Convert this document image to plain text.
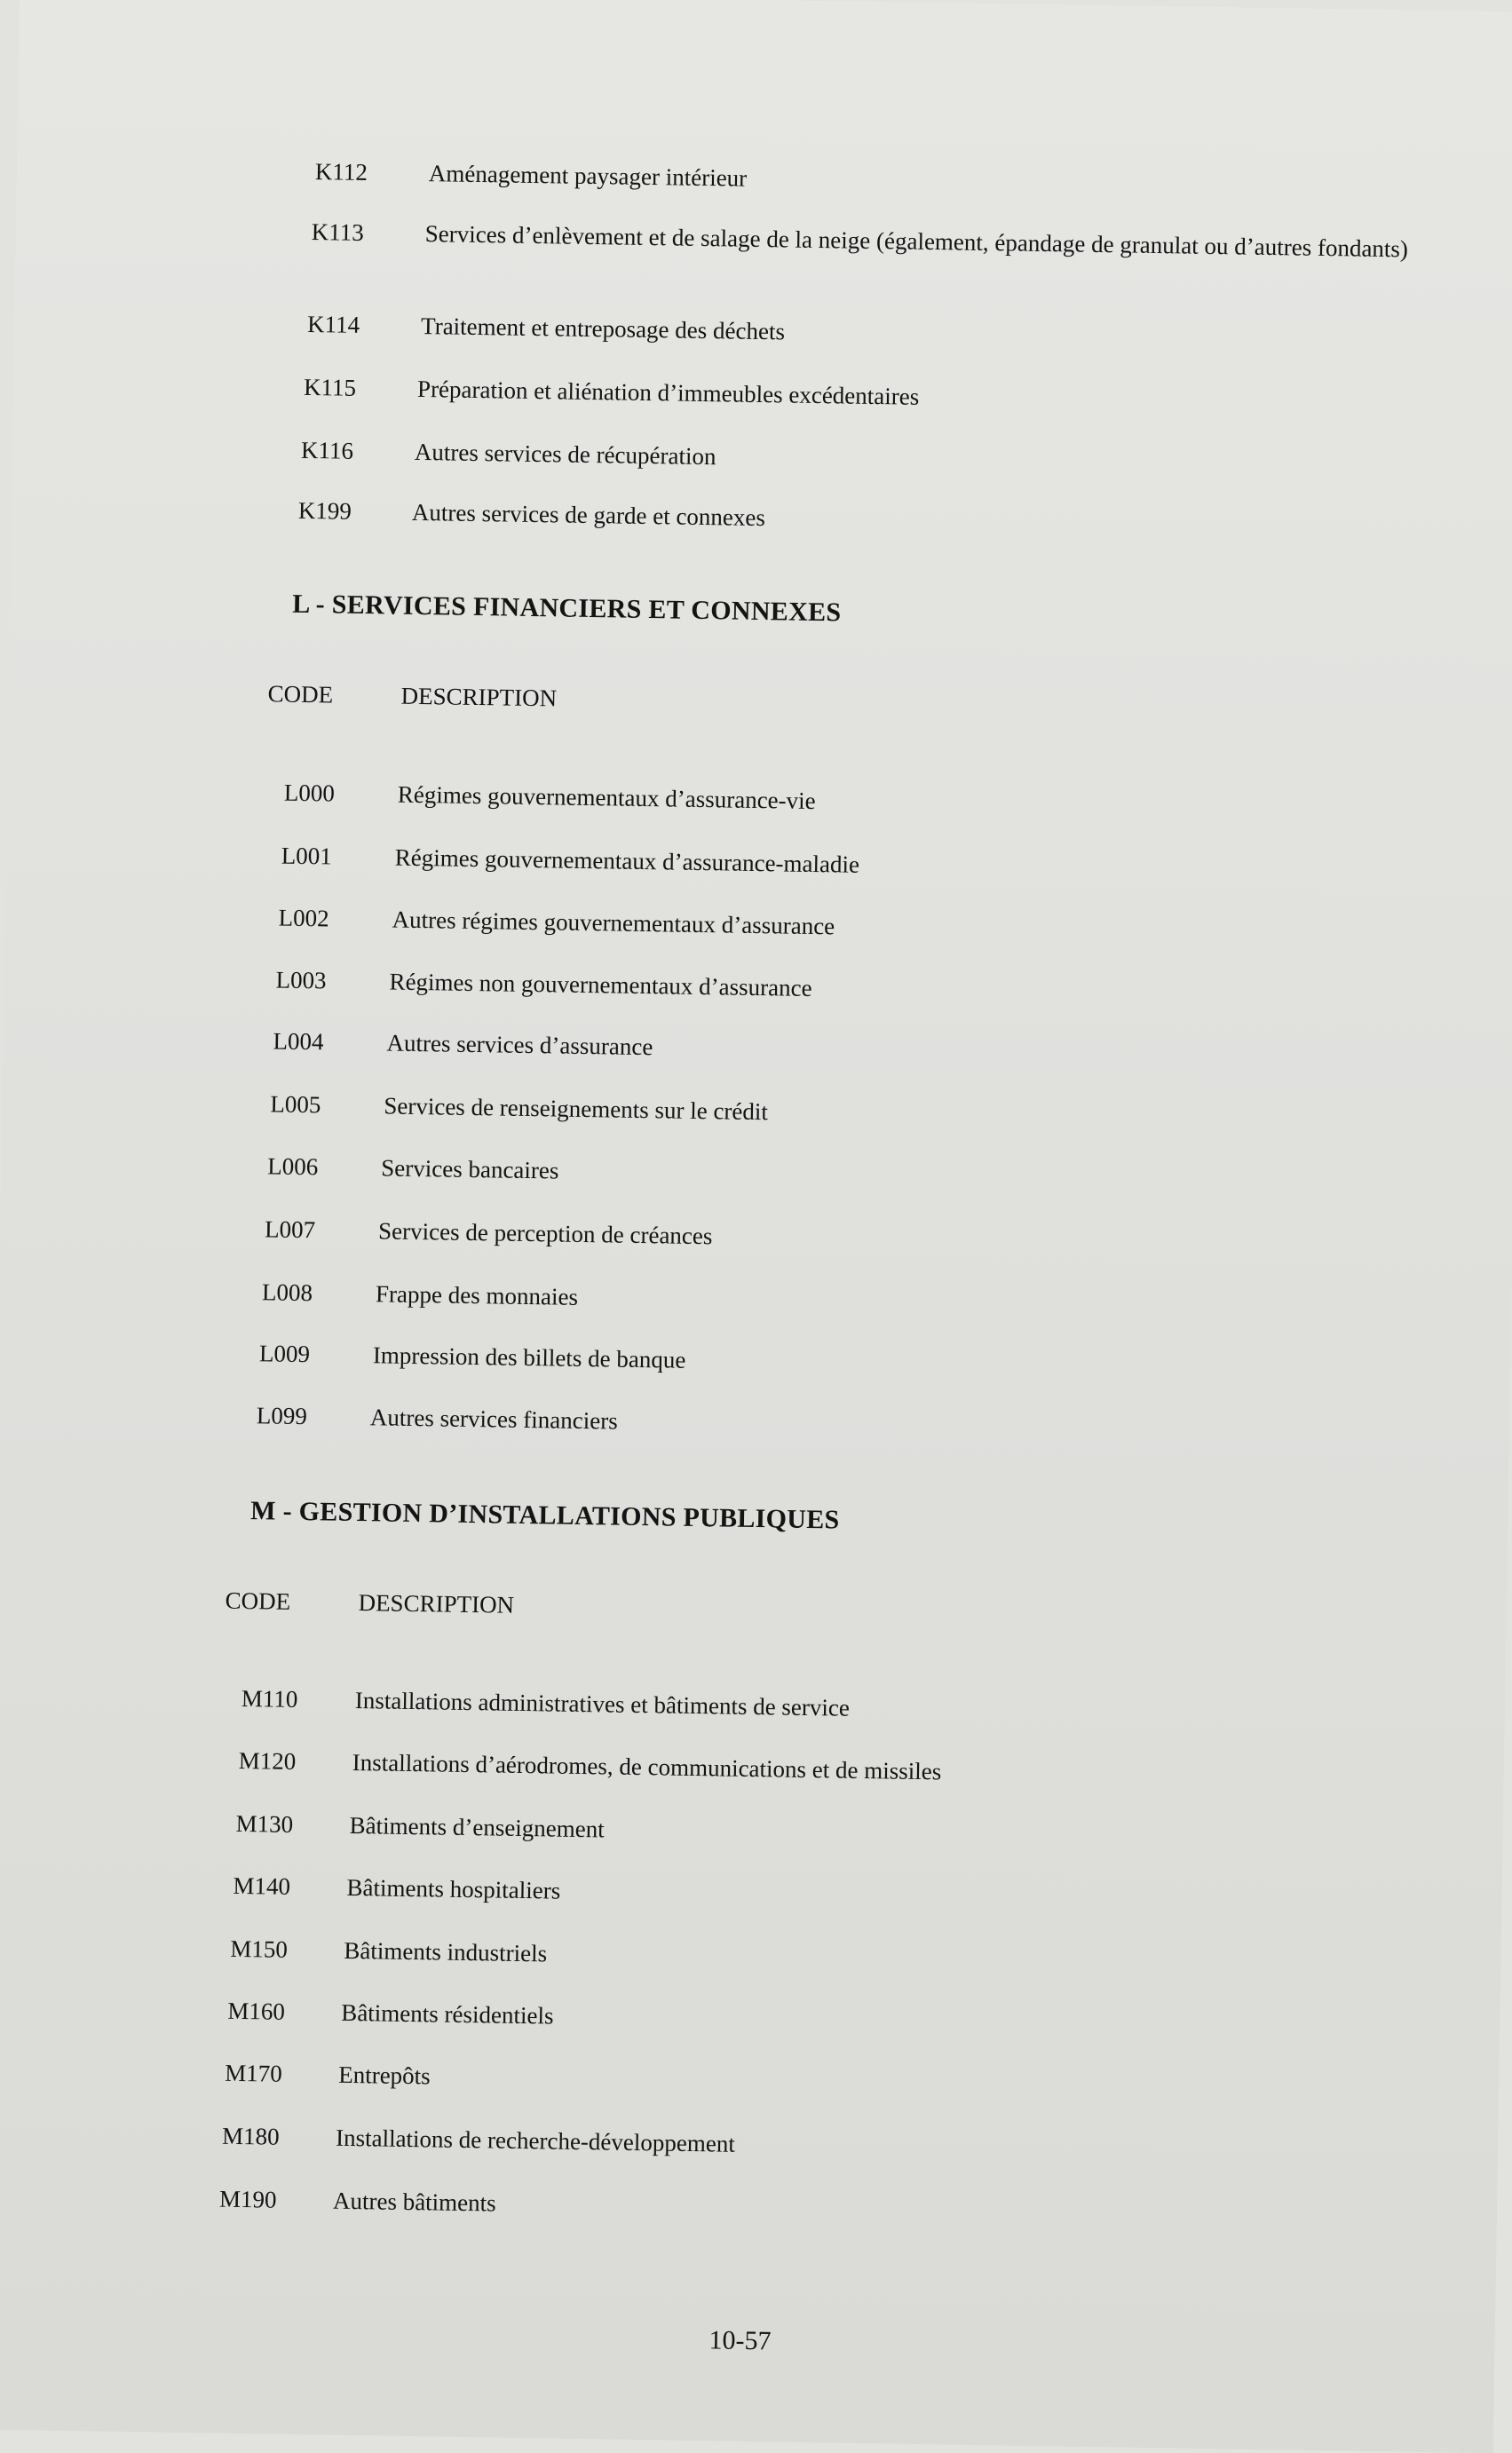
K112	Aménagement paysager intérieur
K113	Services d’enlèvement et de salage de la neige (également, épandage de granulat ou d’autres fondants)
K114	Traitement et entreposage des déchets
K115	Préparation et aliénation d’immeubles excédentaires
K116	Autres services de récupération
K199	Autres services de garde et connexes
L - SERVICES FINANCIERS ET CONNEXES
CODE	DESCRIPTION
L000	Régimes gouvernementaux d’assurance-vie
L001	Régimes gouvernementaux d’assurance-maladie
L002	Autres régimes gouvernementaux d’assurance
L003	Régimes non gouvernementaux d’assurance
L004	Autres services d’assurance
L005	Services de renseignements sur le crédit
L006	Services bancaires
L007	Services de perception de créances
L008	Frappe des monnaies
L009	Impression des billets de banque
L099	Autres services financiers
M - GESTION D’INSTALLATIONS PUBLIQUES
CODE	DESCRIPTION
M110	Installations administratives et bâtiments de service
M120	Installations d’aérodromes, de communications et de missiles
M130	Bâtiments d’enseignement
M140	Bâtiments hospitaliers
M150	Bâtiments industriels
M160	Bâtiments résidentiels
M170	Entrepôts
M180	Installations de recherche-développement
M190	Autres bâtiments
10-57
